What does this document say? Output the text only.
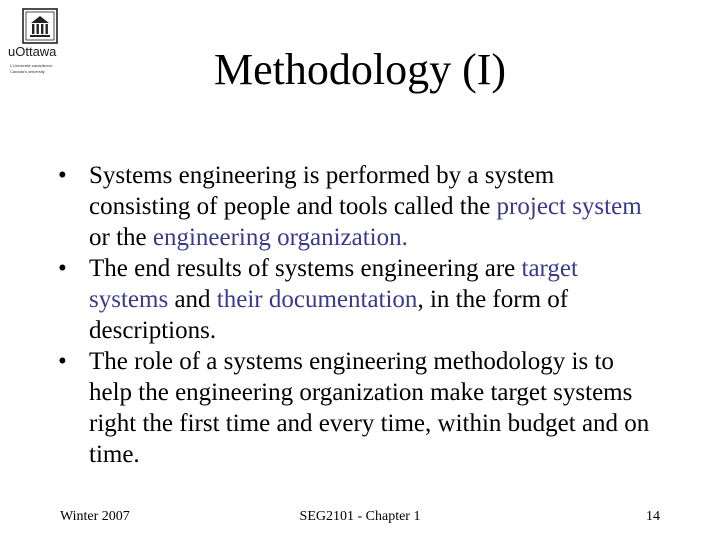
uOttawa
L'Université canadienne
Canada's university	Methodology (I)
• Systems engineering is performed by a system consisting of people and tools called the project system or the engineering organization.
• The end results of systems engineering are target systems and their documentation, in the form of descriptions.
• The role of a systems engineering methodology is to help the engineering organization make target systems right the first time and every time, within budget and on time.
Winter 2007	SEG2101 - Chapter 1	14
